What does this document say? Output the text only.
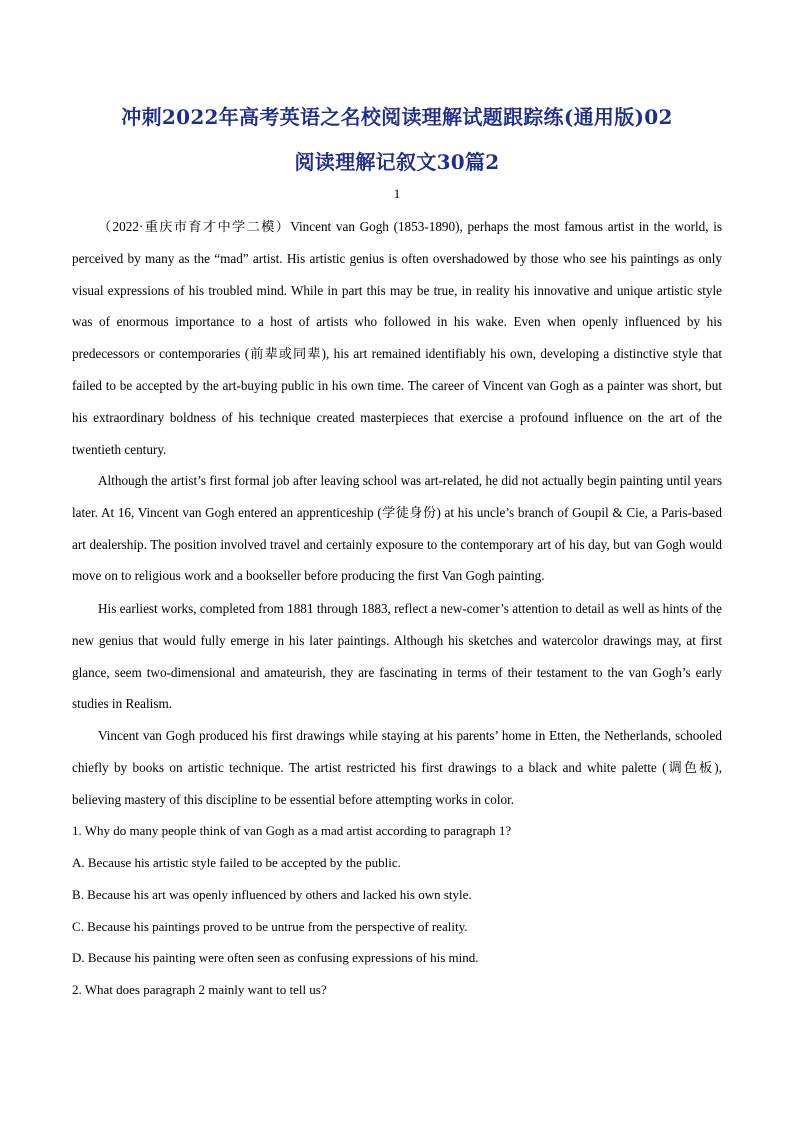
冲刺2022年高考英语之名校阅读理解试题跟踪练(通用版)02
阅读理解记叙文30篇2
1

（2022·重庆市育才中学二模）Vincent van Gogh (1853-1890), perhaps the most famous artist in the world, is perceived by many as the “mad” artist. His artistic genius is often overshadowed by those who see his paintings as only visual expressions of his troubled mind. While in part this may be true, in reality his innovative and unique artistic style was of enormous importance to a host of artists who followed in his wake. Even when openly influenced by his predecessors or contemporaries (前辈或同辈), his art remained identifiably his own, developing a distinctive style that failed to be accepted by the art-buying public in his own time. The career of Vincent van Gogh as a painter was short, but his extraordinary boldness of his technique created masterpieces that exercise a profound influence on the art of the twentieth century.

Although the artist’s first formal job after leaving school was art-related, he did not actually begin painting until years later. At 16, Vincent van Gogh entered an apprenticeship (学徒身份) at his uncle’s branch of Goupil & Cie, a Paris-based art dealership. The position involved travel and certainly exposure to the contemporary art of his day, but van Gogh would move on to religious work and a bookseller before producing the first Van Gogh painting.

His earliest works, completed from 1881 through 1883, reflect a new-comer’s attention to detail as well as hints of the new genius that would fully emerge in his later paintings. Although his sketches and watercolor drawings may, at first glance, seem two-dimensional and amateurish, they are fascinating in terms of their testament to the van Gogh’s early studies in Realism.

Vincent van Gogh produced his first drawings while staying at his parents’ home in Etten, the Netherlands, schooled chiefly by books on artistic technique. The artist restricted his first drawings to a black and white palette (调色板), believing mastery of this discipline to be essential before attempting works in color.

1. Why do many people think of van Gogh as a mad artist according to paragraph 1?

A. Because his artistic style failed to be accepted by the public.

B. Because his art was openly influenced by others and lacked his own style.

C. Because his paintings proved to be untrue from the perspective of reality.

D. Because his painting were often seen as confusing expressions of his mind.

2. What does paragraph 2 mainly want to tell us?
